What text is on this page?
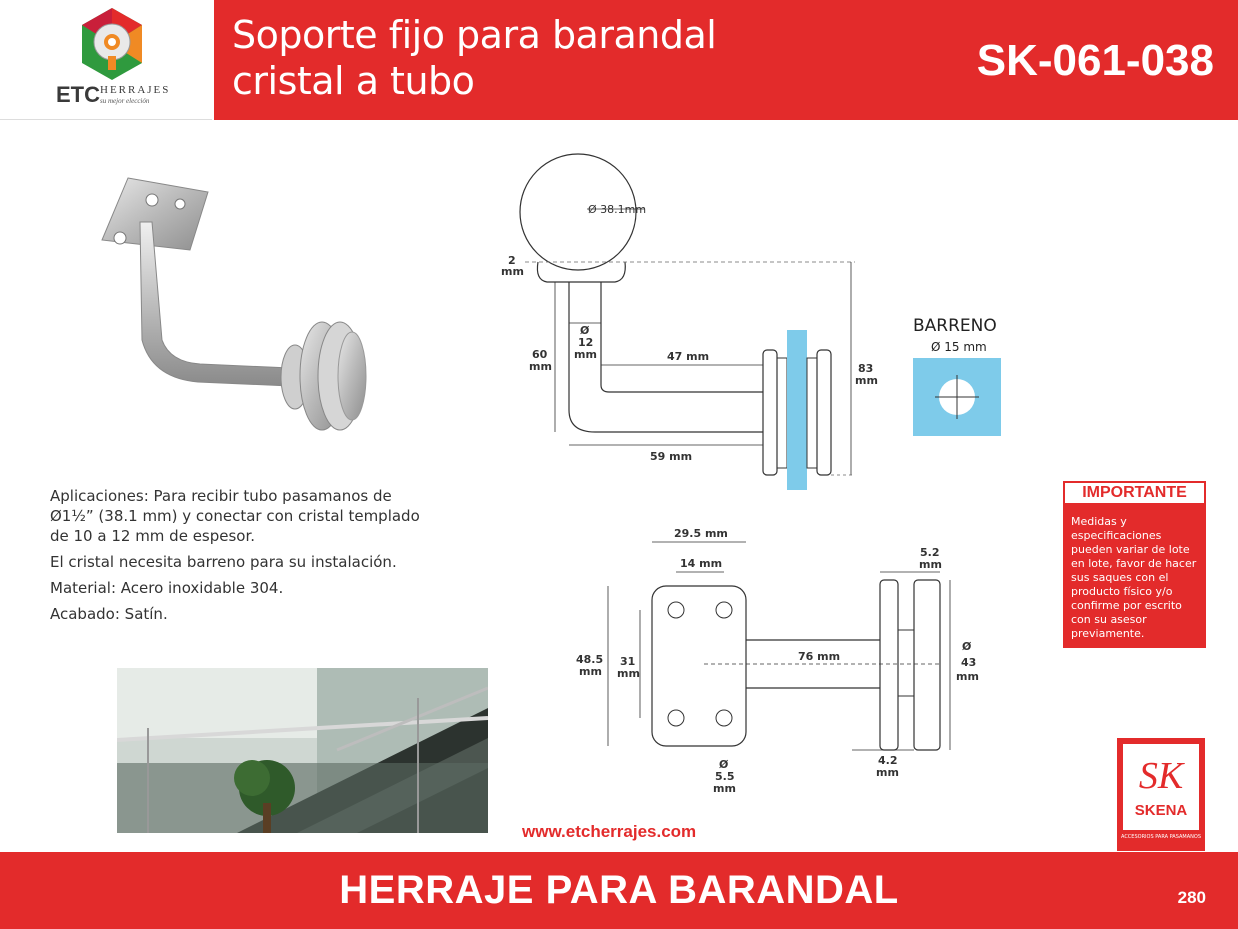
ETC HERRAJES
su mejor elección
Soporte fijo para barandal
cristal a tubo	SK-061-038

Aplicaciones: Para recibir tubo pasamanos de Ø1½” (38.1 mm) y conectar con cristal templado de 10 a 12 mm de espesor.

El cristal necesita barreno para su instalación.

Material: Acero inoxidable 304.

Acabado: Satín.

Ø 38.1mm
2
mm
60
mm
Ø
12
mm	47 mm
59 mm
83
mm
BARRENO
Ø 15 mm
29.5 mm
14 mm
48.5
mm
31
mm
76 mm
Ø
5.5
mm
5.2
mm
Ø
43
mm
4.2
mm
IMPORTANTE
Medidas y especificaciones pueden variar de lote en lote, favor de hacer sus saques con el producto físico y/o confirme por escrito con su asesor previamente.
SK
SKENA
ACCESORIOS PARA PASAMANOS
www.etcherrajes.com
HERRAJE PARA BARANDAL	280
